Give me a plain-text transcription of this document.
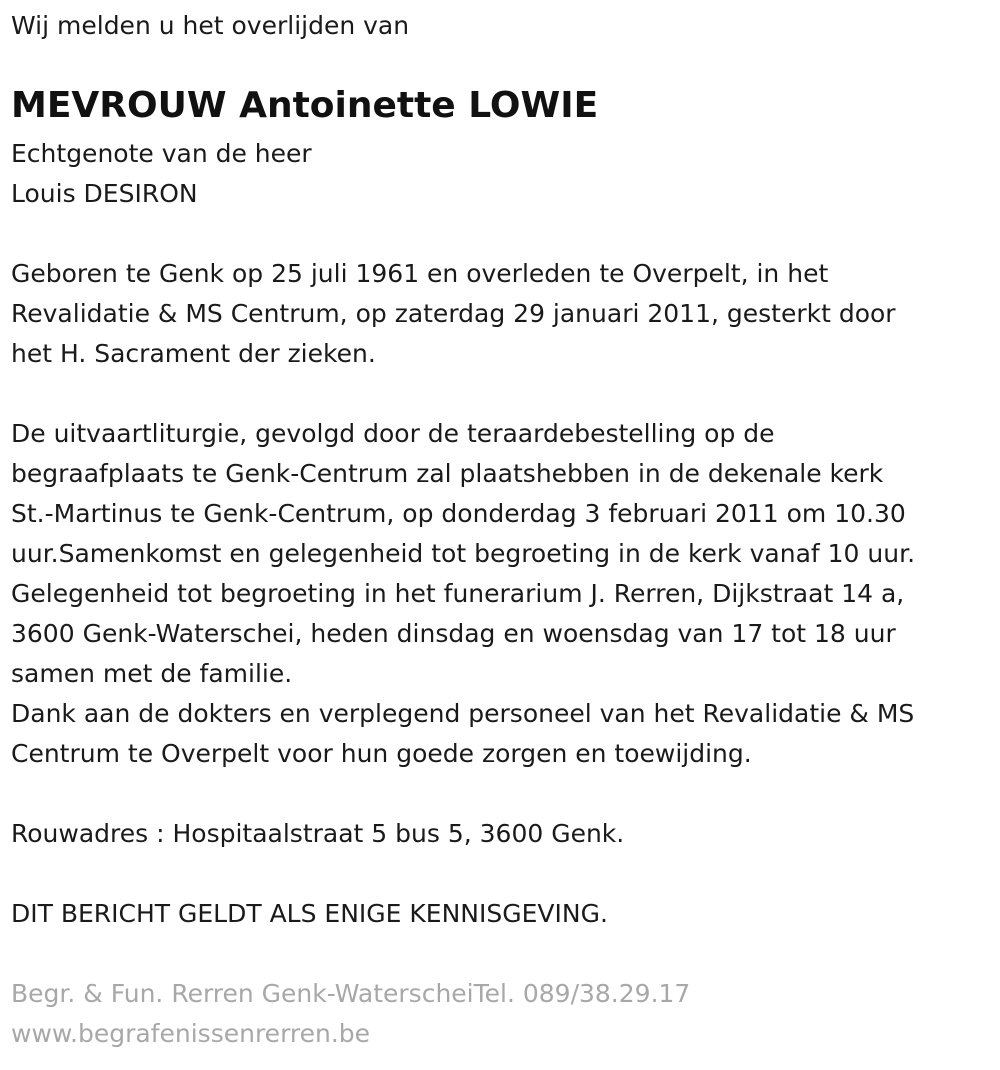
Wij melden u het overlijden van
MEVROUW Antoinette LOWIE
Echtgenote van de heer
Louis DESIRON
Geboren te Genk op 25 juli 1961 en overleden te Overpelt, in het
Revalidatie & MS Centrum, op zaterdag 29 januari 2011, gesterkt door
het H. Sacrament der zieken.
De uitvaartliturgie, gevolgd door de teraardebestelling op de
begraafplaats te Genk-Centrum zal plaatshebben in de dekenale kerk
St.-Martinus te Genk-Centrum, op donderdag 3 februari 2011 om 10.30
uur.Samenkomst en gelegenheid tot begroeting in de kerk vanaf 10 uur.
Gelegenheid tot begroeting in het funerarium J. Rerren, Dijkstraat 14 a,
3600 Genk-Waterschei, heden dinsdag en woensdag van 17 tot 18 uur
samen met de familie.
Dank aan de dokters en verplegend personeel van het Revalidatie & MS
Centrum te Overpelt voor hun goede zorgen en toewijding.
Rouwadres : Hospitaalstraat 5 bus 5, 3600 Genk.
DIT BERICHT GELDT ALS ENIGE KENNISGEVING.
Begr. & Fun. Rerren Genk-WaterscheiTel. 089/38.29.17
www.begrafenissenrerren.be
